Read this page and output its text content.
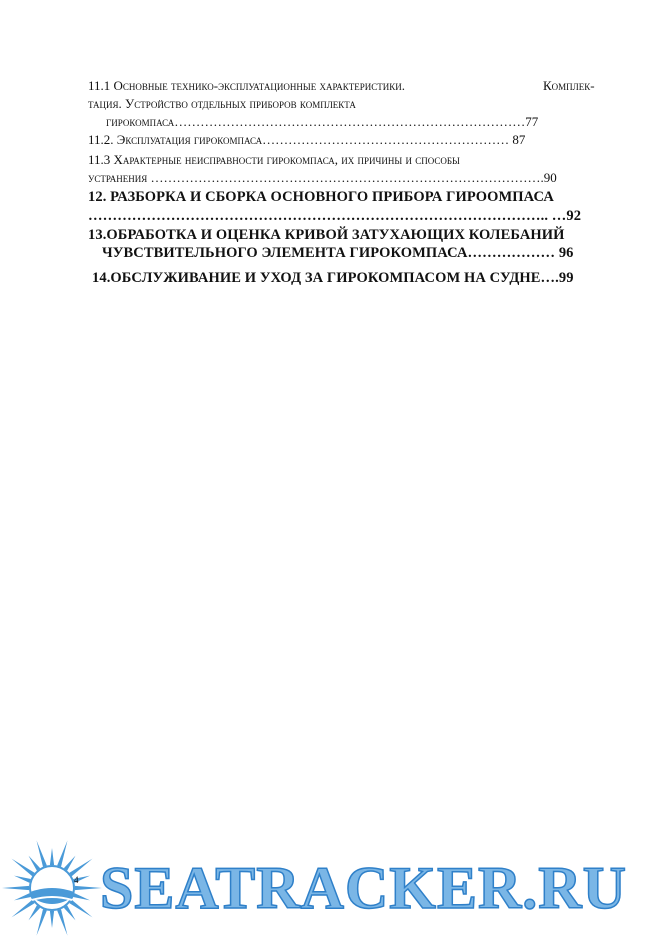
11.1 Основные технико-эксплуатационные характеристики.	Комплек-
тация. Устройство отдельных приборов комплекта
гирокомпаса………………………………………………………………………77
11.2. Эксплуатация гирокомпаса………………………………………………… 87
11.3 Характерные неисправности гирокомпаса, их причины и способы
устранения ……………………………………………………………………………….90
12. РАЗБОРКА И СБОРКА ОСНОВНОГО ПРИБОРА ГИРООМПАСА
………………………………………………………………………………….. …92
13.ОБРАБОТКА И ОЦЕНКА КРИВОЙ ЗАТУХАЮЩИХ КОЛЕБАНИЙ
ЧУВСТВИТЕЛЬНОГО ЭЛЕМЕНТА ГИРОКОМПАСА……………… 96
14.ОБСЛУЖИВАНИЕ И УХОД ЗА ГИРОКОМПАСОМ НА СУДНЕ….99
SEATRACKER.RU
4
